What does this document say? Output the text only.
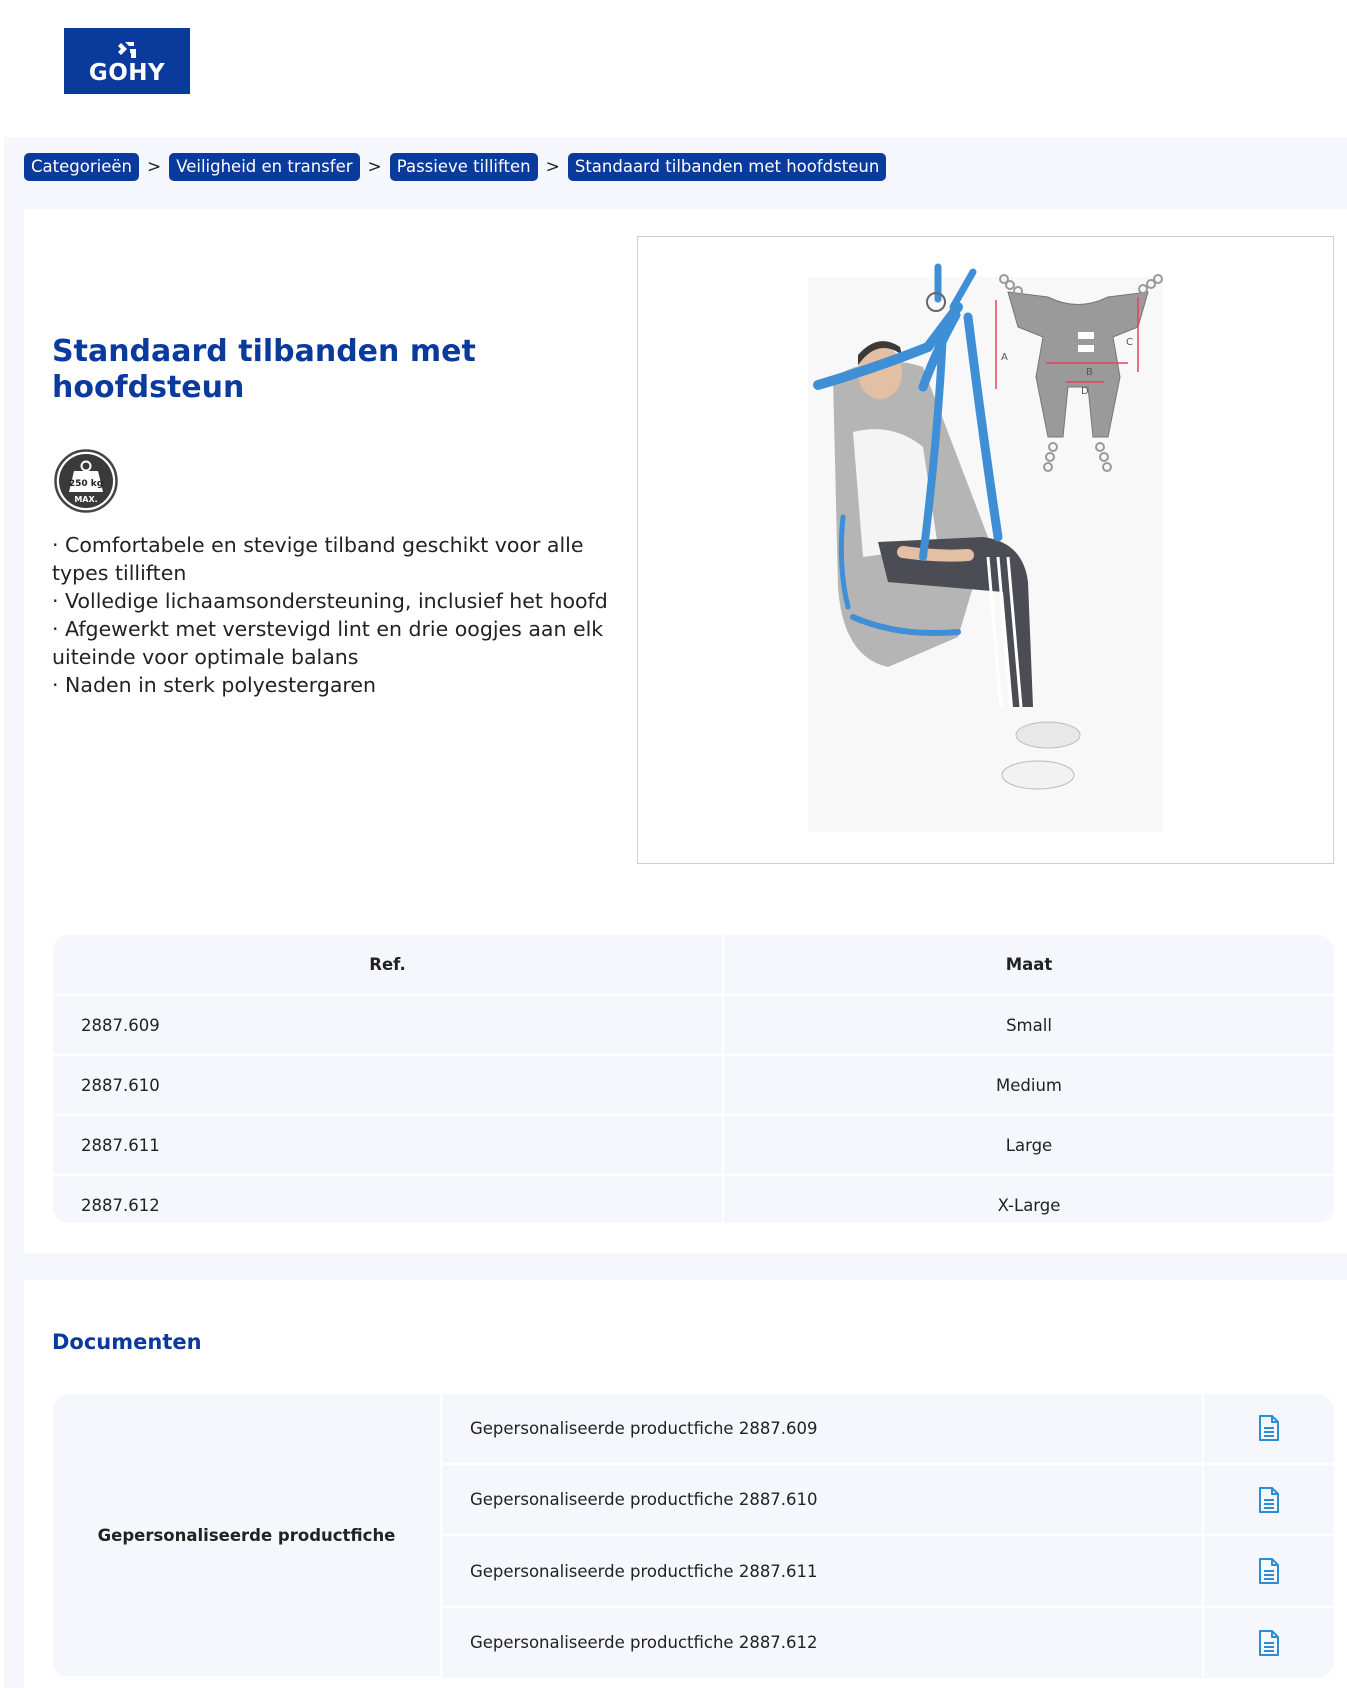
GOHY
Categorieën > Veiligheid en transfer > Passieve tilliften > Standaard tilbanden met hoofdsteun
Standaard tilbanden met hoofdsteun
250 kg
MAX.
· Comfortabele en stevige tilband geschikt voor alle types tilliften
· Volledige lichaamsondersteuning, inclusief het hoofd
· Afgewerkt met verstevigd lint en drie oogjes aan elk uiteinde voor optimale balans
· Naden in sterk polyestergaren
A
B
C
D
Ref.	Maat
2887.609	Small
2887.610	Medium
2887.611	Large
2887.612	X-Large
Documenten
Gepersonaliseerde productfiche	Gepersonaliseerde productfiche 2887.609	
	Gepersonaliseerde productfiche 2887.610	
	Gepersonaliseerde productfiche 2887.611	
	Gepersonaliseerde productfiche 2887.612	
